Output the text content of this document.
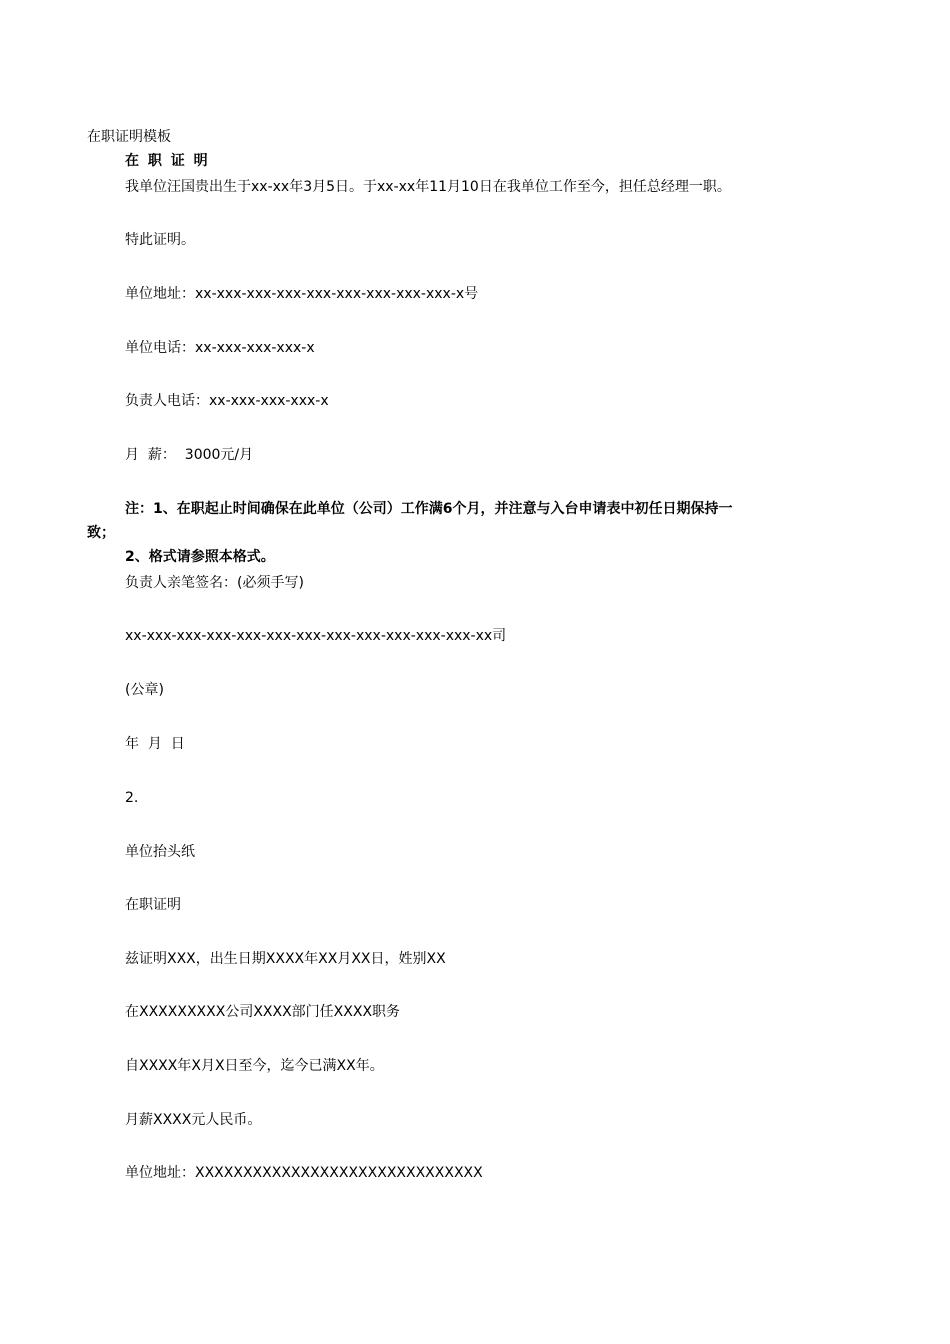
在职证明模板
在 职 证 明
我单位汪国贵出生于xx-xx年3月5日。于xx-xx年11月10日在我单位工作至今，担任总经理一职。
特此证明。
单位地址：xx-xxx-xxx-xxx-xxx-xxx-xxx-xxx-xxx-x号
单位电话：xx-xxx-xxx-xxx-x
负责人电话：xx-xxx-xxx-xxx-x
月  薪：  3000元/月
注：1、在职起止时间确保在此单位（公司）工作满6个月，并注意与入台申请表中初任日期保持一
致；
2、格式请参照本格式。
负责人亲笔签名：(必须手写)
xx-xxx-xxx-xxx-xxx-xxx-xxx-xxx-xxx-xxx-xxx-xxx-xx司
(公章)
年  月  日
2.
单位抬头纸
在职证明
兹证明XXX，出生日期XXXX年XX月XX日，姓别XX
在XXXXXXXXX公司XXXX部门任XXXX职务
自XXXX年X月X日至今，迄今已满XX年。
月薪XXXX元人民币。
单位地址：XXXXXXXXXXXXXXXXXXXXXXXXXXXXXX
